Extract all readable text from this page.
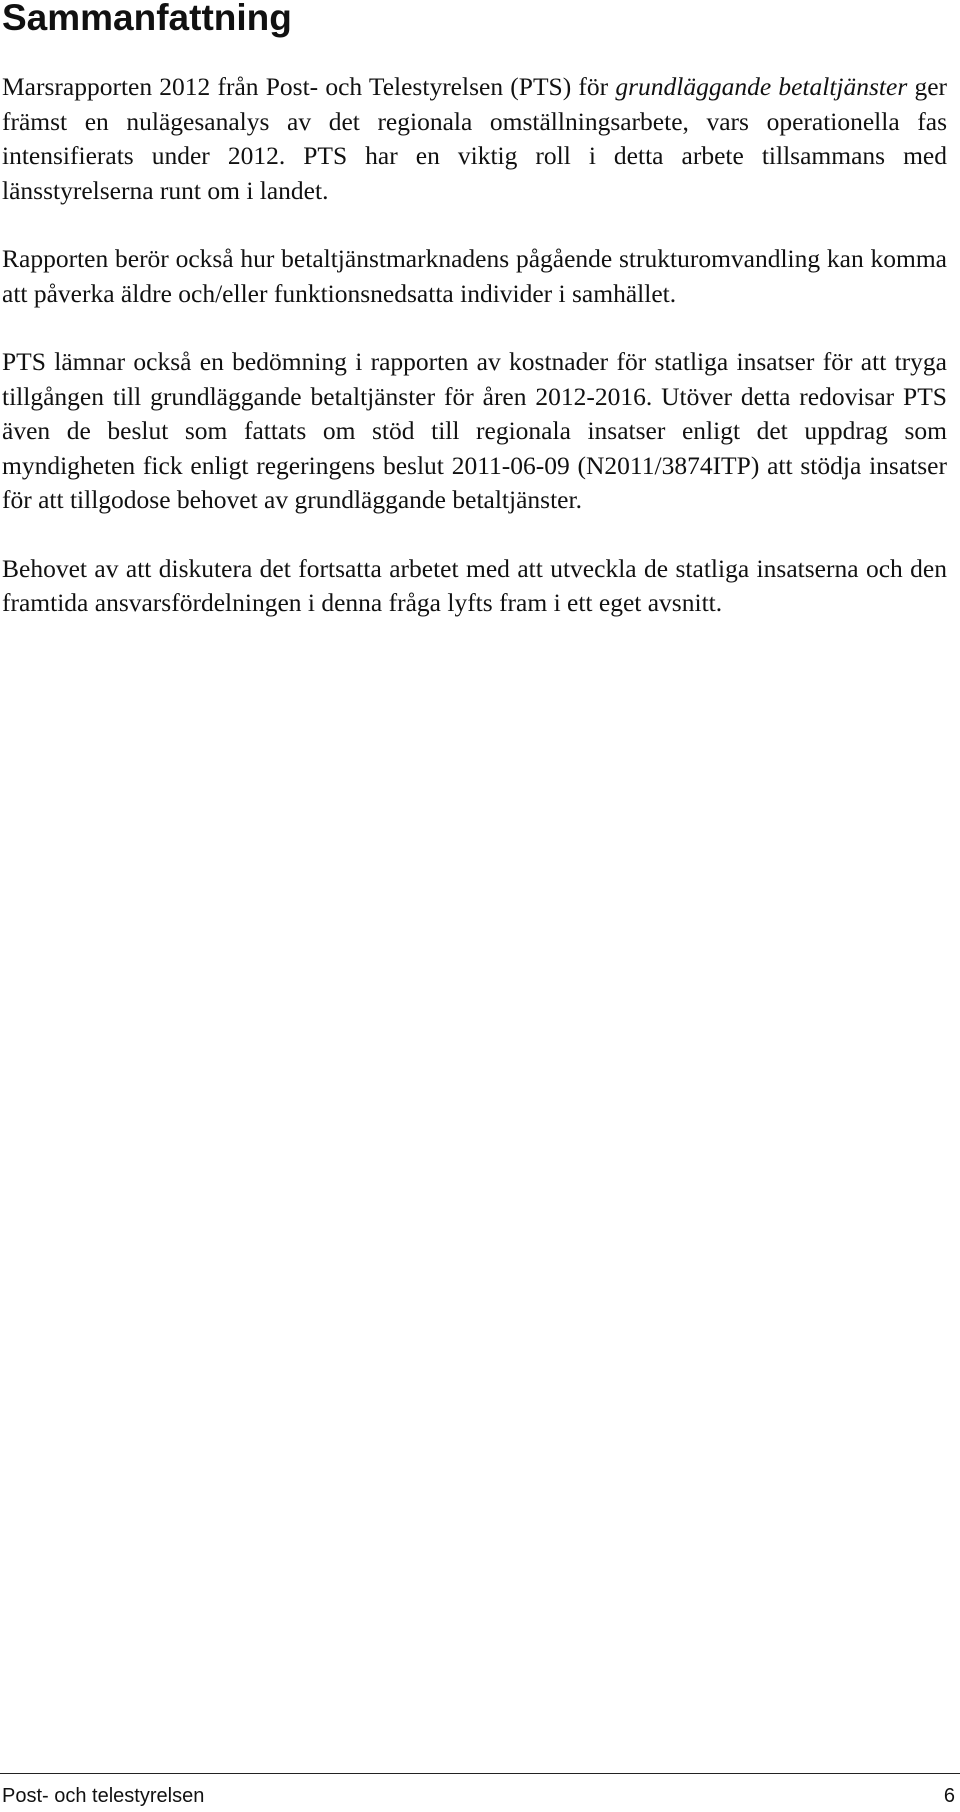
Sammanfattning

Marsrapporten 2012 från Post- och Telestyrelsen (PTS) för grundläggande betaltjänster ger främst en nulägesanalys av det regionala omställningsarbete, vars operationella fas intensifierats under 2012. PTS har en viktig roll i detta arbete tillsammans med länsstyrelserna runt om i landet.

Rapporten berör också hur betaltjänstmarknadens pågående strukturomvandling kan komma att påverka äldre och/eller funktionsnedsatta individer i samhället.

PTS lämnar också en bedömning i rapporten av kostnader för statliga insatser för att tryga tillgången till grundläggande betaltjänster för åren 2012-2016. Utöver detta redovisar PTS även de beslut som fattats om stöd till regionala insatser enligt det uppdrag som myndigheten fick enligt regeringens beslut 2011-06-09 (N2011/3874ITP) att stödja insatser för att tillgodose behovet av grundläggande betaltjänster.

Behovet av att diskutera det fortsatta arbetet med att utveckla de statliga insatserna och den framtida ansvarsfördelningen i denna fråga lyfts fram i ett eget avsnitt.

Post- och telestyrelsen	6
